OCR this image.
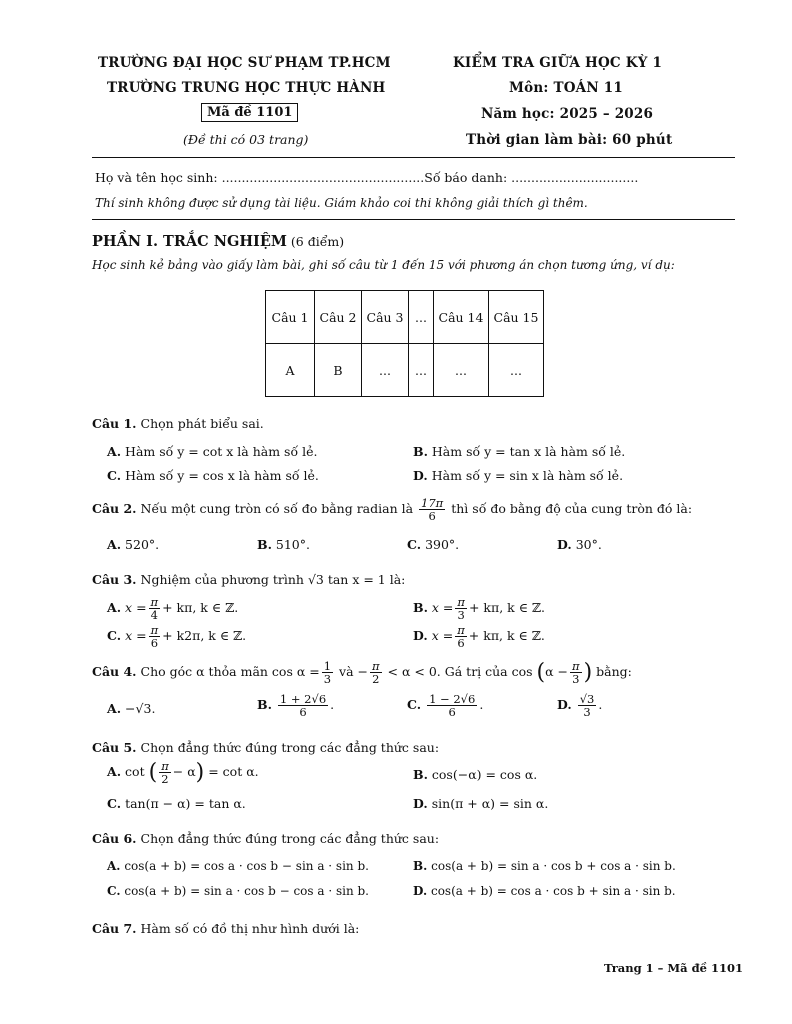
TRƯỜNG ĐẠI HỌC SƯ PHẠM TP.HCM
TRƯỜNG TRUNG HỌC THỰC HÀNH
Mã đề 1101
(Đề thi có 03 trang)
KIỂM TRA GIỮA HỌC KỲ 1
Môn: TOÁN 11
Năm học: 2025 – 2026
Thời gian làm bài: 60 phút
Họ và tên học sinh: ...................................................Số báo danh: ................................
Thí sinh không được sử dụng tài liệu. Giám khảo coi thi không giải thích gì thêm.
PHẦN I. TRẮC NGHIỆM (6 điểm)
Học sinh kẻ bảng vào giấy làm bài, ghi số câu từ 1 đến 15 với phương án chọn tương ứng, ví dụ:
Câu 1	Câu 2	Câu 3	...	Câu 14	Câu 15
A	B	...	...	...	...
Câu 1. Chọn phát biểu sai.
A. Hàm số y = cot x là hàm số lẻ.	B. Hàm số y = tan x là hàm số lẻ.
C. Hàm số y = cos x là hàm số lẻ.	D. Hàm số y = sin x là hàm số lẻ.
Câu 2. Nếu một cung tròn có số đo bằng radian là $\frac{17\pi}{6}$ thì số đo bằng độ của cung tròn đó là:
A. 520°.	B. 510°.	C. 390°.	D. 30°.
Câu 3. Nghiệm của phương trình √3 tan x = 1 là:
A. $x = \frac{\pi}{4} + k\pi$, k ∈ ℤ.	B. $x = \frac{\pi}{3} + k\pi$, k ∈ ℤ.
C. $x = \frac{\pi}{6} + k2\pi$, k ∈ ℤ.	D. $x = \frac{\pi}{6} + k\pi$, k ∈ ℤ.
Câu 4. Cho góc α thỏa mãn $\cos \alpha = \frac{1}{3}$ và − $\frac{\pi}{2} < \alpha < 0$. Gá trị của $\cos (\alpha - \frac{\pi}{3}$ ) bằng:
A. −√3.	B. $\frac{1 + 2√6}{6}$ .	C. $\frac{1 - 2√6}{6}$ .	D. $\frac{√3}{3}$ .
Câu 5. Chọn đẳng thức đúng trong các đẳng thức sau:
A. cot ( $\frac{\pi}{2} - \alpha) = \cot \alpha$.	B. cos(−α) = cos α.
C. tan(π − α) = tan α.	D. sin(π + α) = sin α.
Câu 6. Chọn đẳng thức đúng trong các đẳng thức sau:
A. cos(a + b) = cos a · cos b − sin a · sin b.	B. cos(a + b) = sin a · cos b + cos a · sin b.
C. cos(a + b) = sin a · cos b − cos a · sin b.	D. cos(a + b) = cos a · cos b + sin a · sin b.
Câu 7. Hàm số có đồ thị như hình dưới là:
Trang 1 – Mã đề 1101
